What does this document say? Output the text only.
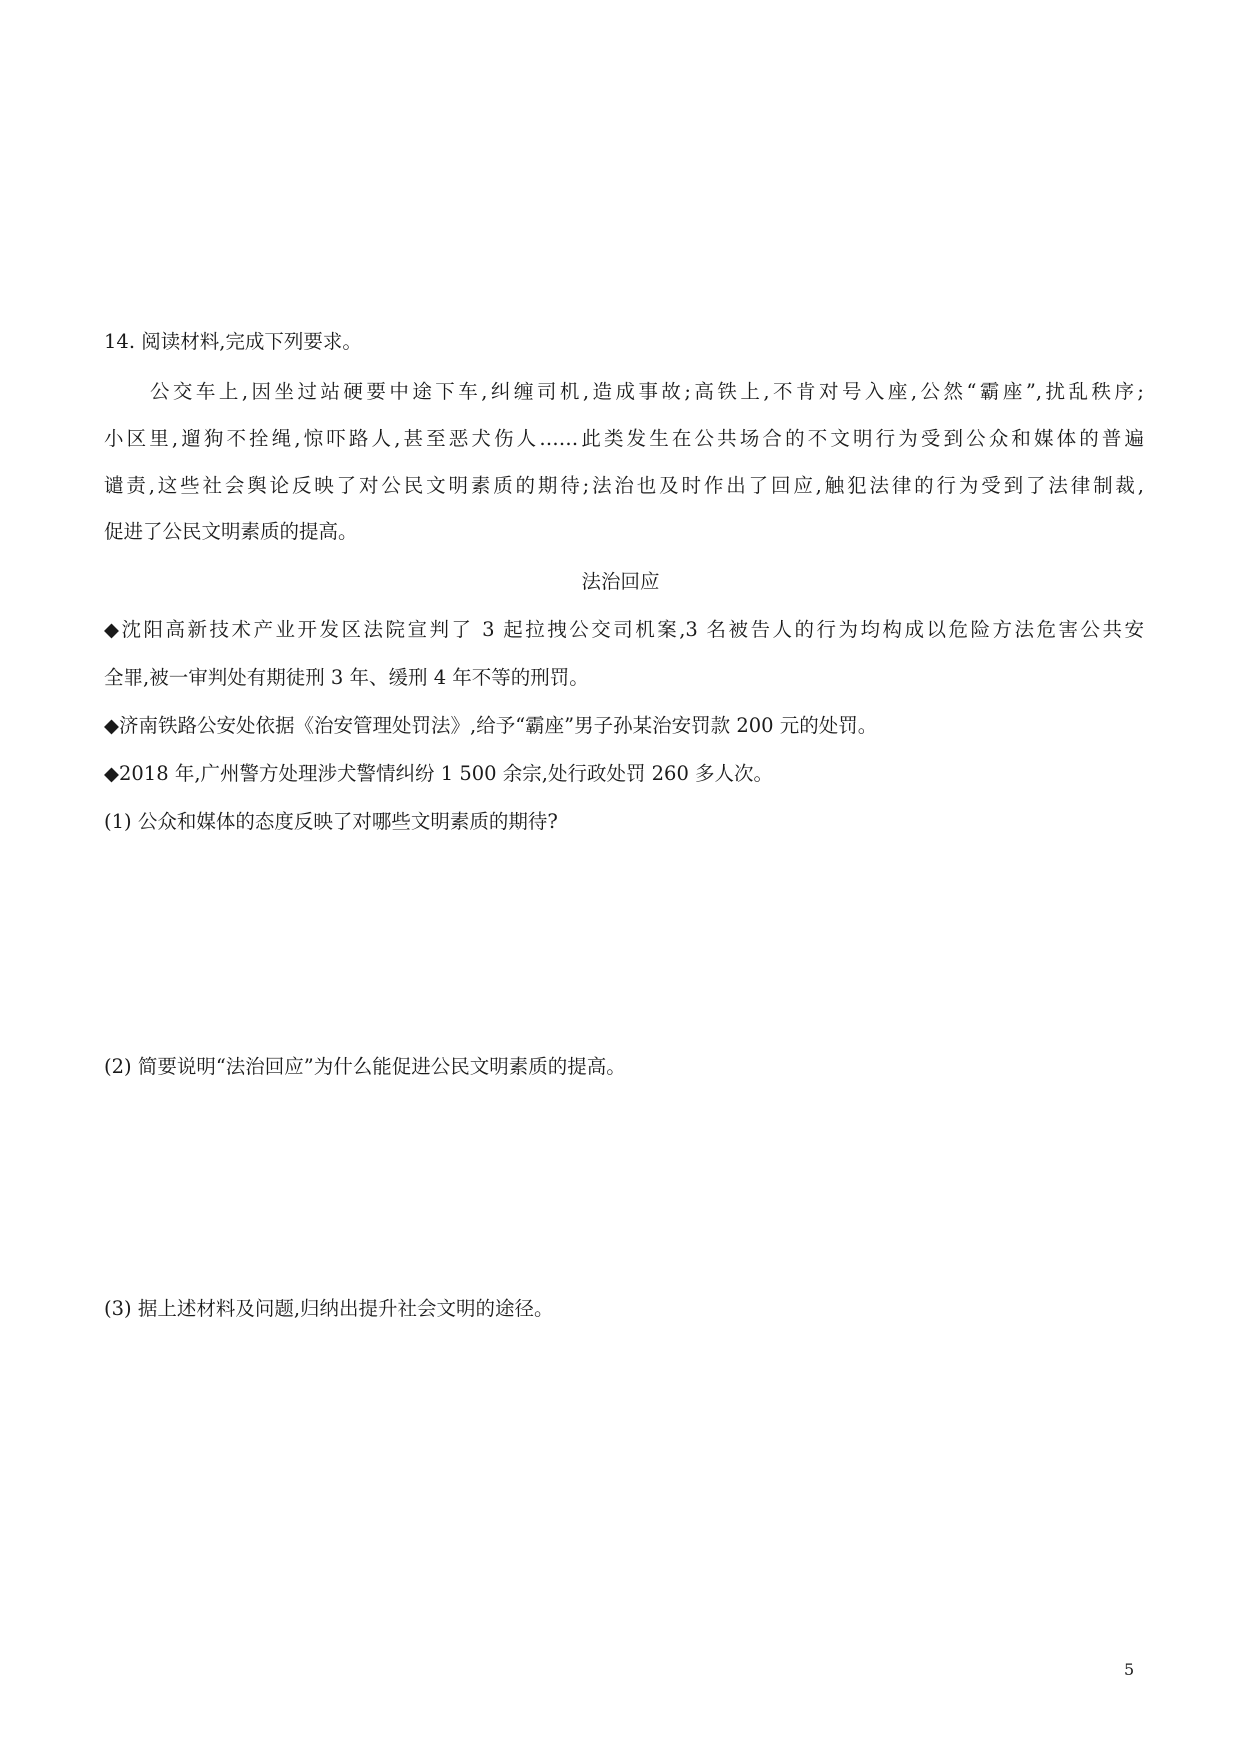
14. 阅读材料,完成下列要求。
　　公交车上,因坐过站硬要中途下车,纠缠司机,造成事故;高铁上,不肯对号入座,公然“霸座”,扰乱秩序;
小区里,遛狗不拴绳,惊吓路人,甚至恶犬伤人……此类发生在公共场合的不文明行为受到公众和媒体的普遍
谴责,这些社会舆论反映了对公民文明素质的期待;法治也及时作出了回应,触犯法律的行为受到了法律制裁,
促进了公民文明素质的提高。
法治回应
◆沈阳高新技术产业开发区法院宣判了 3 起拉拽公交司机案,3 名被告人的行为均构成以危险方法危害公共安
全罪,被一审判处有期徒刑 3 年、缓刑 4 年不等的刑罚。
◆济南铁路公安处依据《治安管理处罚法》,给予“霸座”男子孙某治安罚款 200 元的处罚。
◆2018 年,广州警方处理涉犬警情纠纷 1 500 余宗,处行政处罚 260 多人次。
(1) 公众和媒体的态度反映了对哪些文明素质的期待?
(2) 简要说明“法治回应”为什么能促进公民文明素质的提高。
(3) 据上述材料及问题,归纳出提升社会文明的途径。
5
